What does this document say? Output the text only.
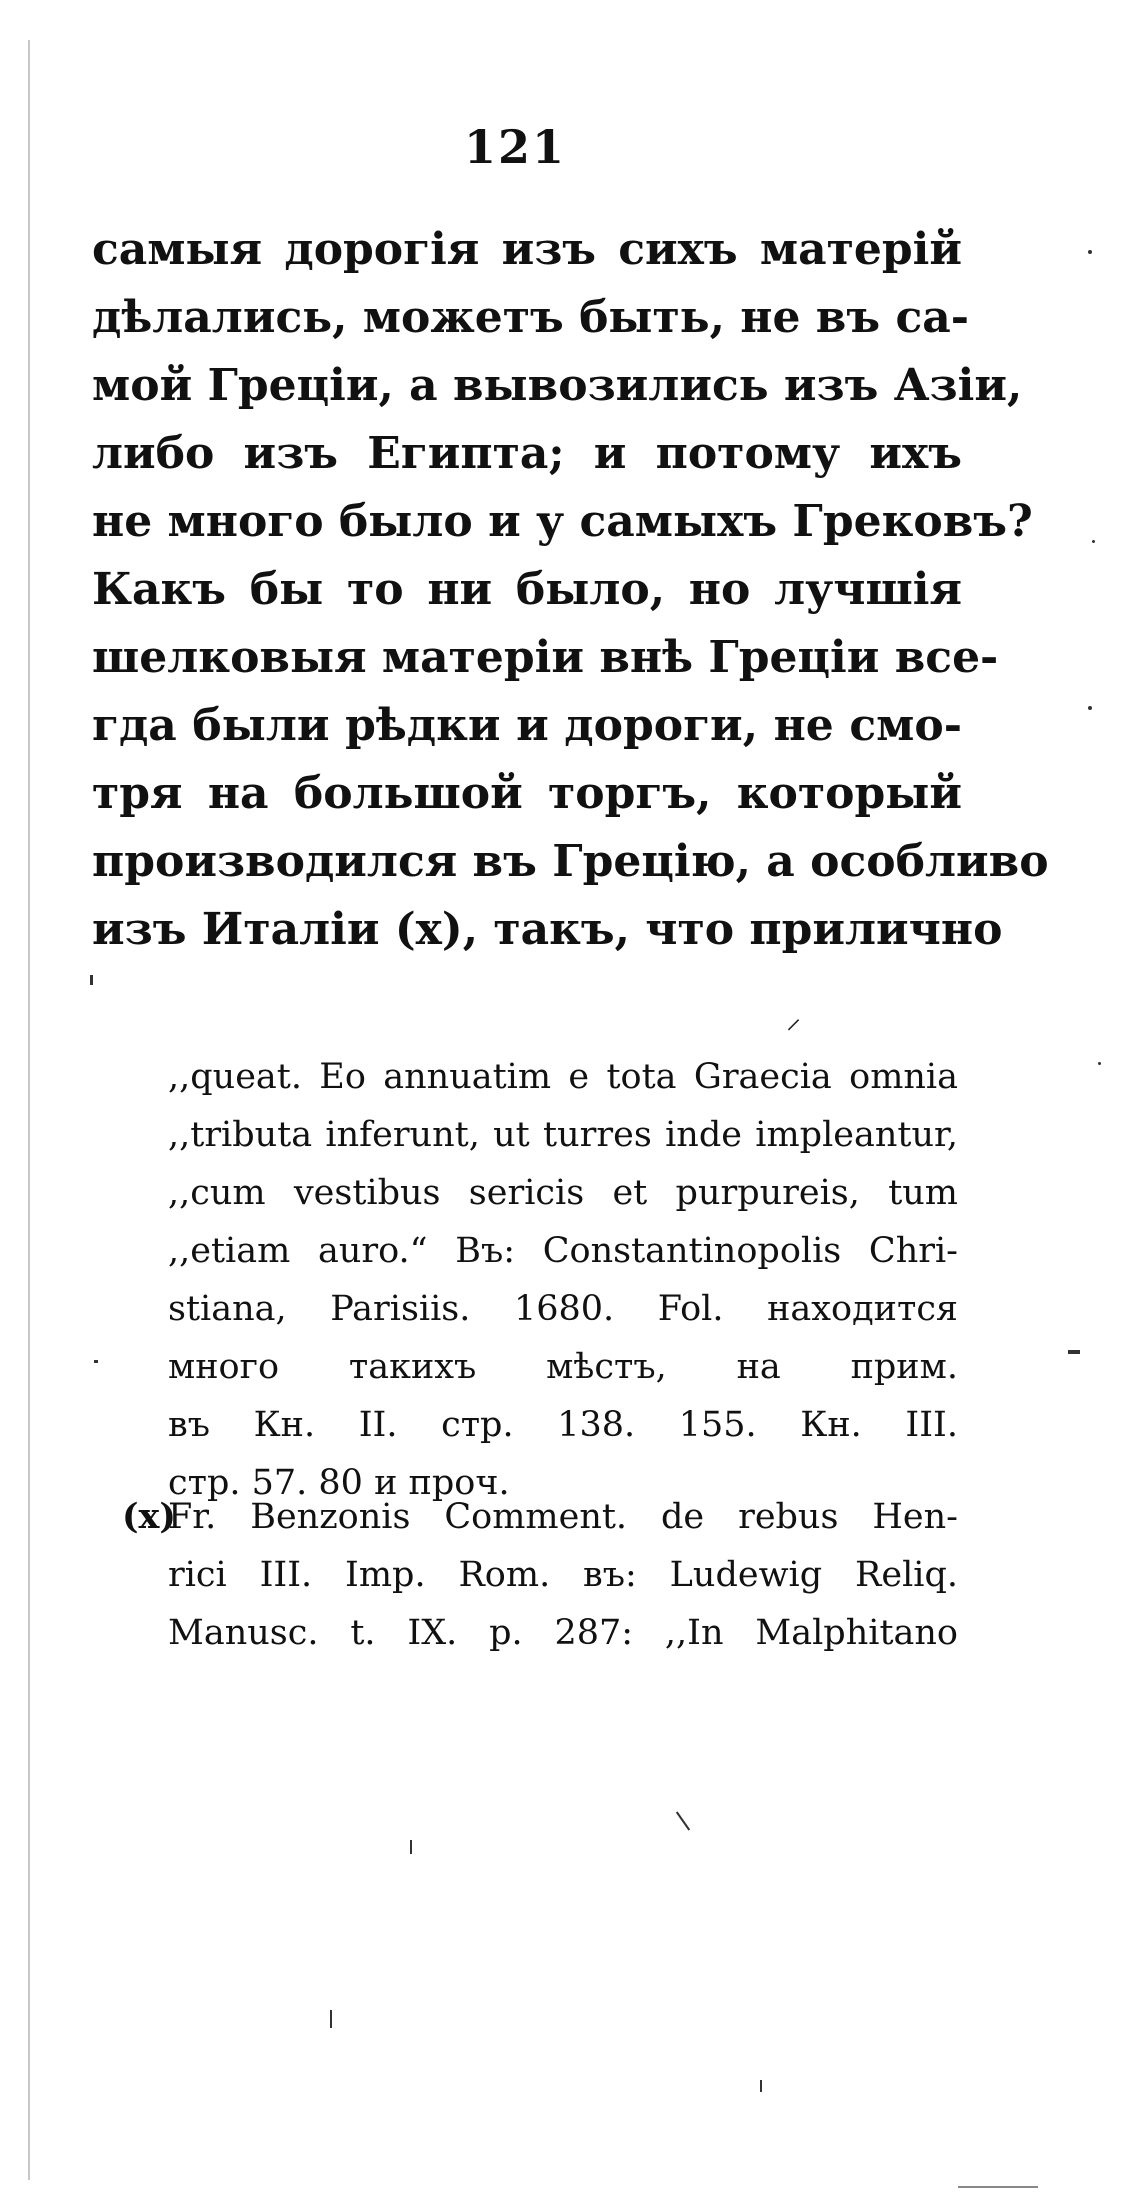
121
самыя дорогія изъ сихъ матерій
дѣлались, можетъ быть, не въ са-
мой Греціи, а вывозились изъ Азіи,
либо изъ Египта; и потому ихъ
не много было и у самыхъ Грековъ?
Какъ бы то ни было, но лучшія
шелковыя матеріи внѣ Греціи все-
гда были рѣдки и дороги, не смо-
тря на большой торгъ, который
производился въ Грецію, а особливо
изъ Италіи (x), такъ, что прилично
⸝
,,queat. Eo annuatim e tota Graecia omnia
,,tributa inferunt, ut turres inde impleantur,
,,cum vestibus sericis et purpureis, tum
,,etiam auro.“ Въ: Constantinopolis Chri-
stiana, Parisiis. 1680. Fol. находится
много такихъ мѣстъ, на прим.
въ Кн. II. стр. 138. 155. Кн. III.
стр. 57. 80 и проч.
(x)
Fr. Benzonis Comment. de rebus Hen-
rici III. Imp. Rom. въ: Ludewig Reliq.
Manusc. t. IX. p. 287: ,,In Malphitano
